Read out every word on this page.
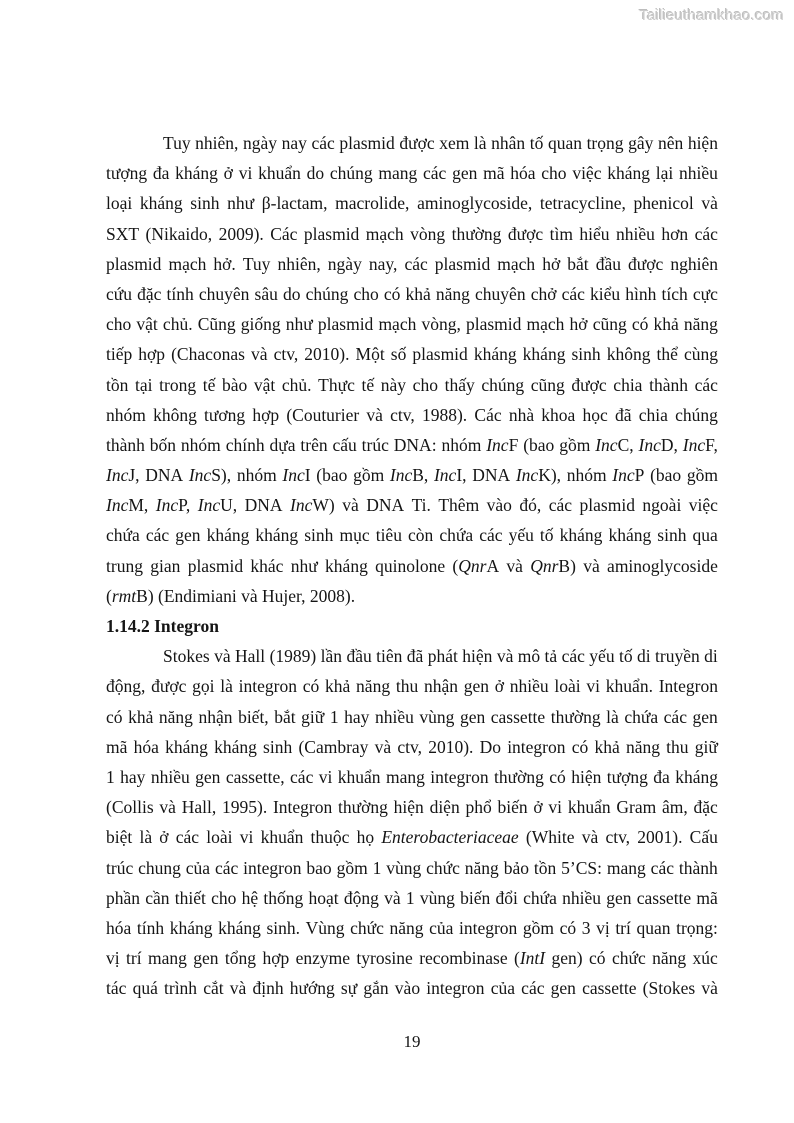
Tailieuthamkhao.com
Tuy nhiên, ngày nay các plasmid được xem là nhân tố quan trọng gây nên hiện
tượng đa kháng ở vi khuẩn do chúng mang các gen mã hóa cho việc kháng lại nhiều
loại kháng sinh như β-lactam, macrolide, aminoglycoside, tetracycline, phenicol và
SXT (Nikaido, 2009). Các plasmid mạch vòng thường được tìm hiểu nhiều hơn các
plasmid mạch hở. Tuy nhiên, ngày nay, các plasmid mạch hở bắt đầu được nghiên
cứu đặc tính chuyên sâu do chúng cho có khả năng chuyên chở các kiểu hình tích cực
cho vật chủ. Cũng giống như plasmid mạch vòng, plasmid mạch hở cũng có khả năng
tiếp hợp (Chaconas và ctv, 2010). Một số plasmid kháng kháng sinh không thể cùng
tồn tại trong tế bào vật chủ. Thực tế này cho thấy chúng cũng được chia thành các
nhóm không tương hợp (Couturier và ctv, 1988). Các nhà khoa học đã chia chúng
thành bốn nhóm chính dựa trên cấu trúc DNA: nhóm IncF (bao gồm IncC, IncD, IncF,
IncJ, DNA IncS), nhóm IncI (bao gồm IncB, IncI, DNA IncK), nhóm IncP (bao gồm
IncM, IncP, IncU, DNA IncW) và DNA Ti. Thêm vào đó, các plasmid ngoài việc
chứa các gen kháng kháng sinh mục tiêu còn chứa các yếu tố kháng kháng sinh qua
trung gian plasmid khác như kháng quinolone (QnrA và QnrB) và aminoglycoside
(rmtB) (Endimiani và Hujer, 2008).
1.14.2 Integron
Stokes và Hall (1989) lần đầu tiên đã phát hiện và mô tả các yếu tố di truyền di
động, được gọi là integron có khả năng thu nhận gen ở nhiều loài vi khuẩn. Integron
có khả năng nhận biết, bắt giữ 1 hay nhiều vùng gen cassette thường là chứa các gen
mã hóa kháng kháng sinh (Cambray và ctv, 2010). Do integron có khả năng thu giữ
1 hay nhiều gen cassette, các vi khuẩn mang integron thường có hiện tượng đa kháng
(Collis và Hall, 1995). Integron thường hiện diện phổ biến ở vi khuẩn Gram âm, đặc
biệt là ở các loài vi khuẩn thuộc họ Enterobacteriaceae (White và ctv, 2001). Cấu
trúc chung của các integron bao gồm 1 vùng chức năng bảo tồn 5’CS: mang các thành
phần cần thiết cho hệ thống hoạt động và 1 vùng biến đổi chứa nhiều gen cassette mã
hóa tính kháng kháng sinh. Vùng chức năng của integron gồm có 3 vị trí quan trọng:
vị trí mang gen tổng hợp enzyme tyrosine recombinase (IntI gen) có chức năng xúc
tác quá trình cắt và định hướng sự gắn vào integron của các gen cassette (Stokes và
19
